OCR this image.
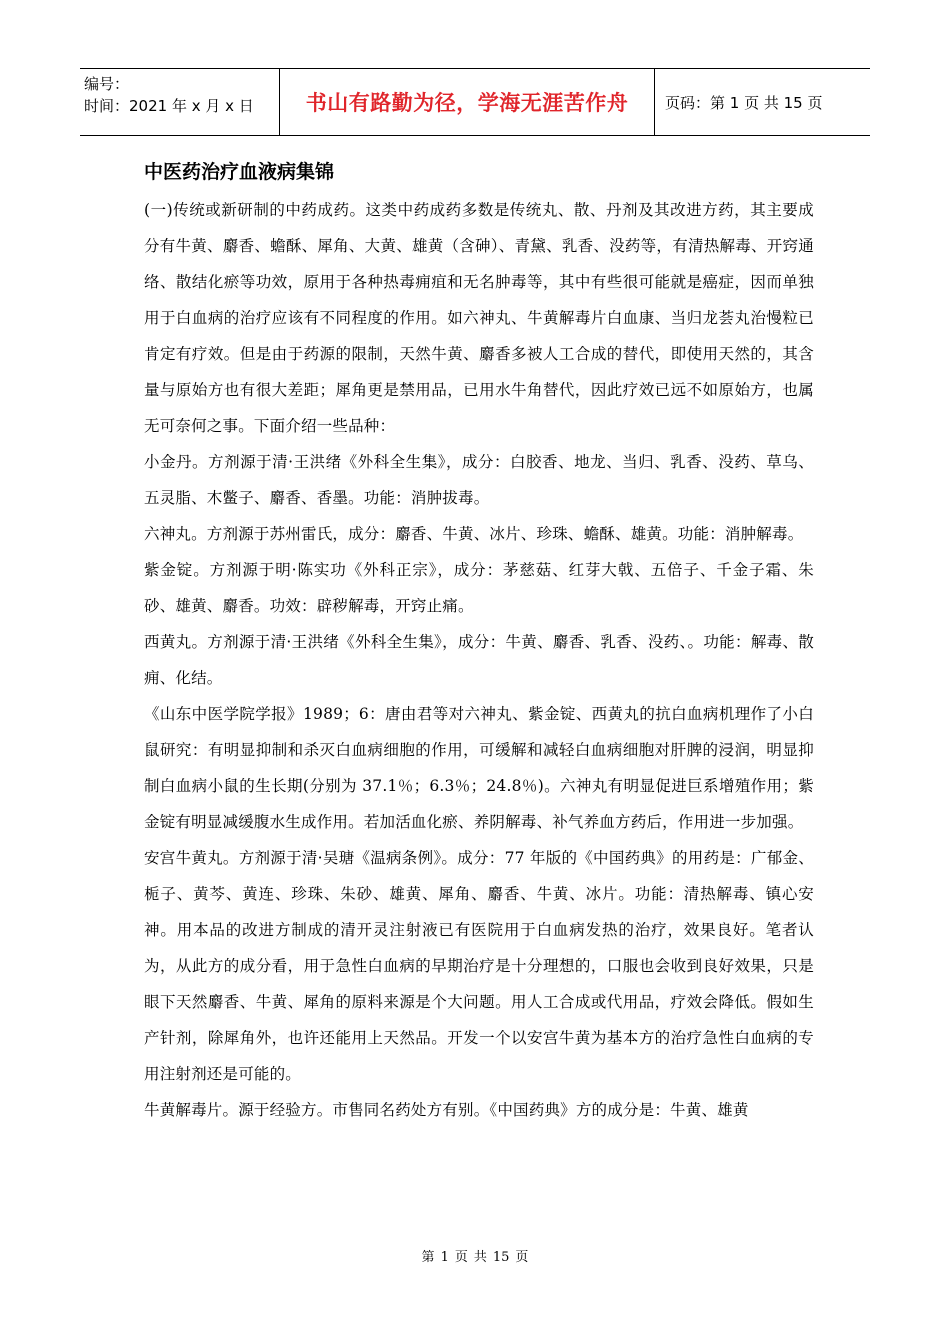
编号：
时间：2021 年 x 月 x 日	书山有路勤为径，学海无涯苦作舟	页码：第 1 页 共 15 页
中医药治疗血液病集锦

(一)传统或新研制的中药成药。这类中药成药多数是传统丸、散、丹剂及其改进方药，其主要成分有牛黄、麝香、蟾酥、犀角、大黄、雄黄（含砷）、青黛、乳香、没药等，有清热解毒、开窍通络、散结化瘀等功效，原用于各种热毒痈疽和无名肿毒等，其中有些很可能就是癌症，因而单独用于白血病的治疗应该有不同程度的作用。如六神丸、牛黄解毒片白血康、当归龙荟丸治慢粒已肯定有疗效。但是由于药源的限制，天然牛黄、麝香多被人工合成的替代，即使用天然的，其含量与原始方也有很大差距；犀角更是禁用品，已用水牛角替代，因此疗效已远不如原始方，也属无可奈何之事。下面介绍一些品种：

小金丹。方剂源于清·王洪绪《外科全生集》，成分：白胶香、地龙、当归、乳香、没药、草乌、五灵脂、木鳖子、麝香、香墨。功能：消肿拔毒。

六神丸。方剂源于苏州雷氏，成分：麝香、牛黄、冰片、珍珠、蟾酥、雄黄。功能：消肿解毒。

紫金锭。方剂源于明·陈实功《外科正宗》，成分：茅慈菇、红芽大戟、五倍子、千金子霜、朱砂、雄黄、麝香。功效：辟秽解毒，开窍止痛。

西黄丸。方剂源于清·王洪绪《外科全生集》，成分：牛黄、麝香、乳香、没药、。功能：解毒、散痈、化结。

《山东中医学院学报》1989；6：唐由君等对六神丸、紫金锭、西黄丸的抗白血病机理作了小白鼠研究：有明显抑制和杀灭白血病细胞的作用，可缓解和减轻白血病细胞对肝脾的浸润，明显抑制白血病小鼠的生长期(分别为 37.1％；6.3％；24.8％)。六神丸有明显促进巨系增殖作用；紫金锭有明显减缓腹水生成作用。若加活血化瘀、养阴解毒、补气养血方药后，作用进一步加强。

安宫牛黄丸。方剂源于清·吴瑭《温病条例》。成分：77 年版的《中国药典》的用药是：广郁金、栀子、黄芩、黄连、珍珠、朱砂、雄黄、犀角、麝香、牛黄、冰片。功能：清热解毒、镇心安神。用本品的改进方制成的清开灵注射液已有医院用于白血病发热的治疗，效果良好。笔者认为，从此方的成分看，用于急性白血病的早期治疗是十分理想的，口服也会收到良好效果，只是眼下天然麝香、牛黄、犀角的原料来源是个大问题。用人工合成或代用品，疗效会降低。假如生产针剂，除犀角外，也许还能用上天然品。开发一个以安宫牛黄为基本方的治疗急性白血病的专用注射剂还是可能的。

牛黄解毒片。源于经验方。市售同名药处方有别。《中国药典》方的成分是：牛黄、雄黄

第 1 页 共 15 页
